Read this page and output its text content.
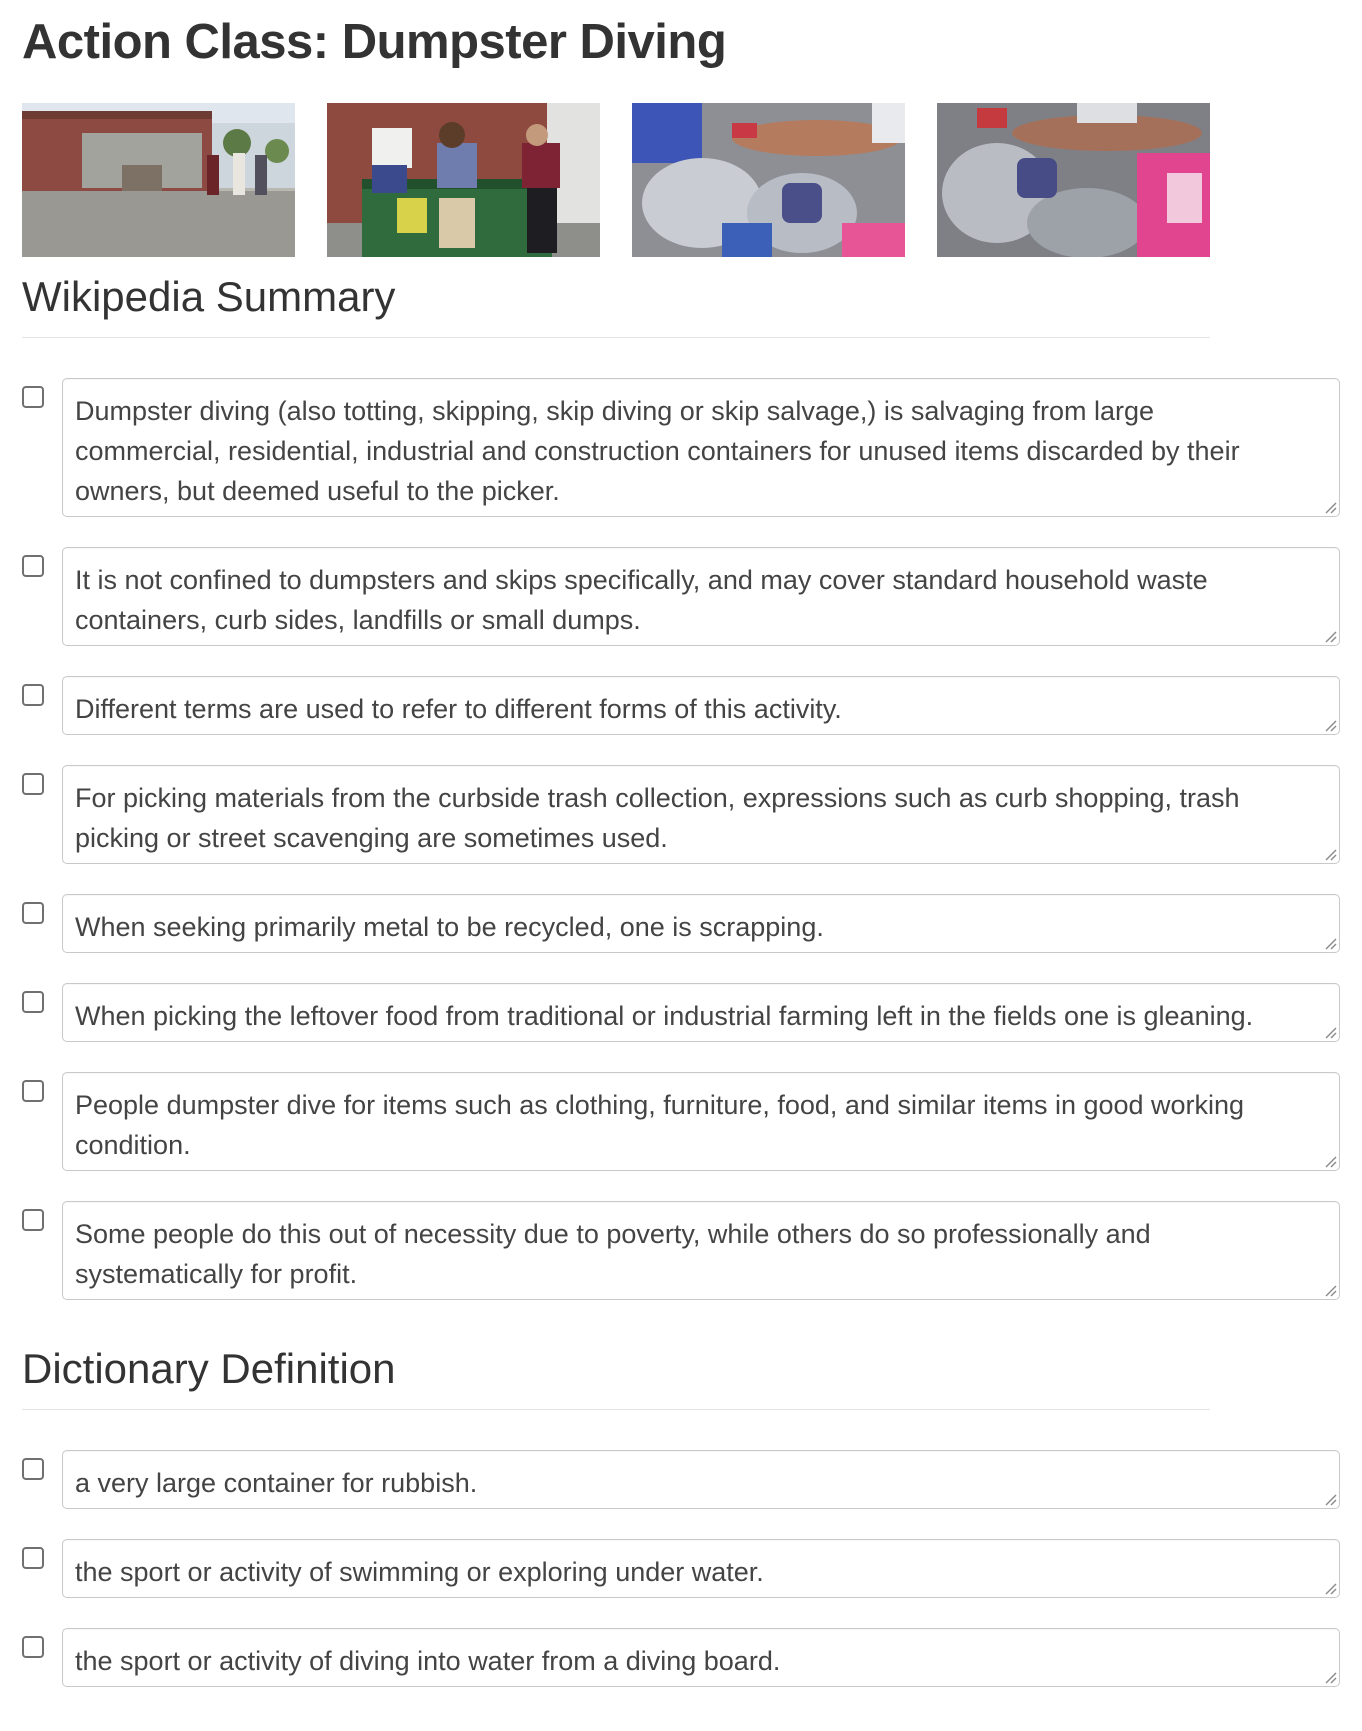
Action Class: Dumpster Diving
Wikipedia Summary
Dumpster diving (also totting, skipping, skip diving or skip salvage,) is salvaging from large commercial, residential, industrial and construction containers for unused items discarded by their owners, but deemed useful to the picker.
It is not confined to dumpsters and skips specifically, and may cover standard household waste containers, curb sides, landfills or small dumps.
Different terms are used to refer to different forms of this activity.
For picking materials from the curbside trash collection, expressions such as curb shopping, trash picking or street scavenging are sometimes used.
When seeking primarily metal to be recycled, one is scrapping.
When picking the leftover food from traditional or industrial farming left in the fields one is gleaning.
People dumpster dive for items such as clothing, furniture, food, and similar items in good working condition.
Some people do this out of necessity due to poverty, while others do so professionally and systematically for profit.
Dictionary Definition
a very large container for rubbish.
the sport or activity of swimming or exploring under water.
the sport or activity of diving into water from a diving board.
